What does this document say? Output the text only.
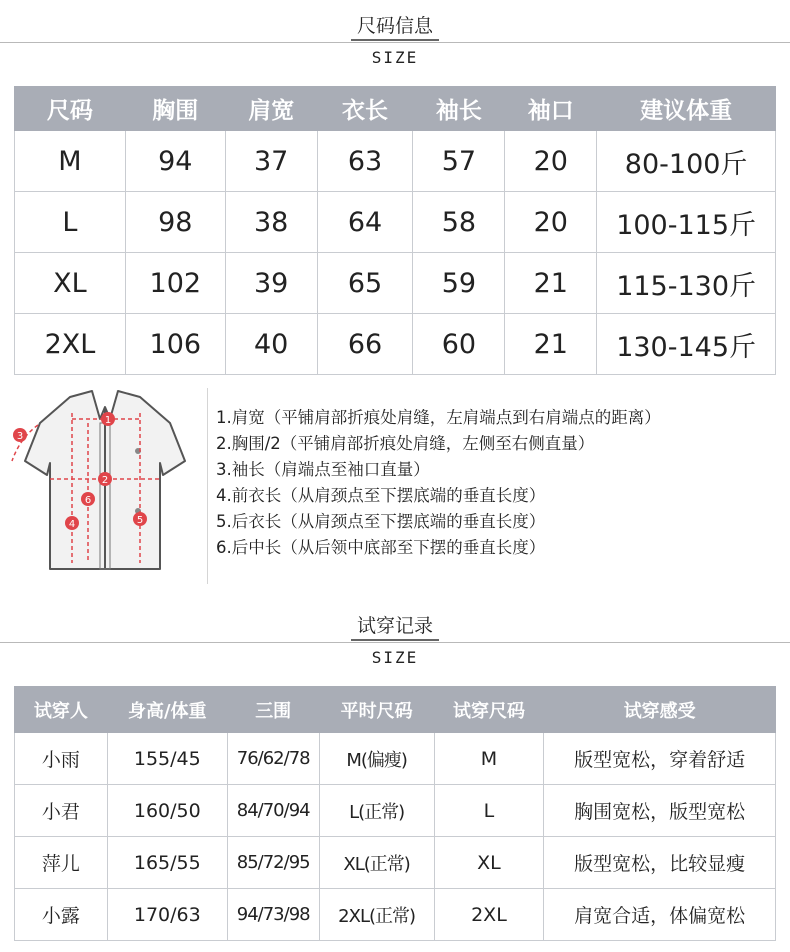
尺码信息
SIZE
尺码	胸围	肩宽	衣长	袖长	袖口	建议体重
M	94	37	63	57	20	80-100斤
L	98	38	64	58	20	100-115斤
XL	102	39	65	59	21	115-130斤
2XL	106	40	66	60	21	130-145斤
1
2
3
4	5
6
1.肩宽（平铺肩部折痕处肩缝，左肩端点到右肩端点的距离）
2.胸围/2（平铺肩部折痕处肩缝，左侧至右侧直量）
3.袖长（肩端点至袖口直量）
4.前衣长（从肩颈点至下摆底端的垂直长度）
5.后衣长（从肩颈点至下摆底端的垂直长度）
6.后中长（从后领中底部至下摆的垂直长度）
试穿记录
SIZE
试穿人	身高/体重	三围	平时尺码	试穿尺码	试穿感受
小雨	155/45	76/62/78	M(偏瘦)	M	版型宽松，穿着舒适
小君	160/50	84/70/94	L(正常)	L	胸围宽松，版型宽松
萍儿	165/55	85/72/95	XL(正常)	XL	版型宽松，比较显瘦
小露	170/63	94/73/98	2XL(正常)	2XL	肩宽合适，体偏宽松
